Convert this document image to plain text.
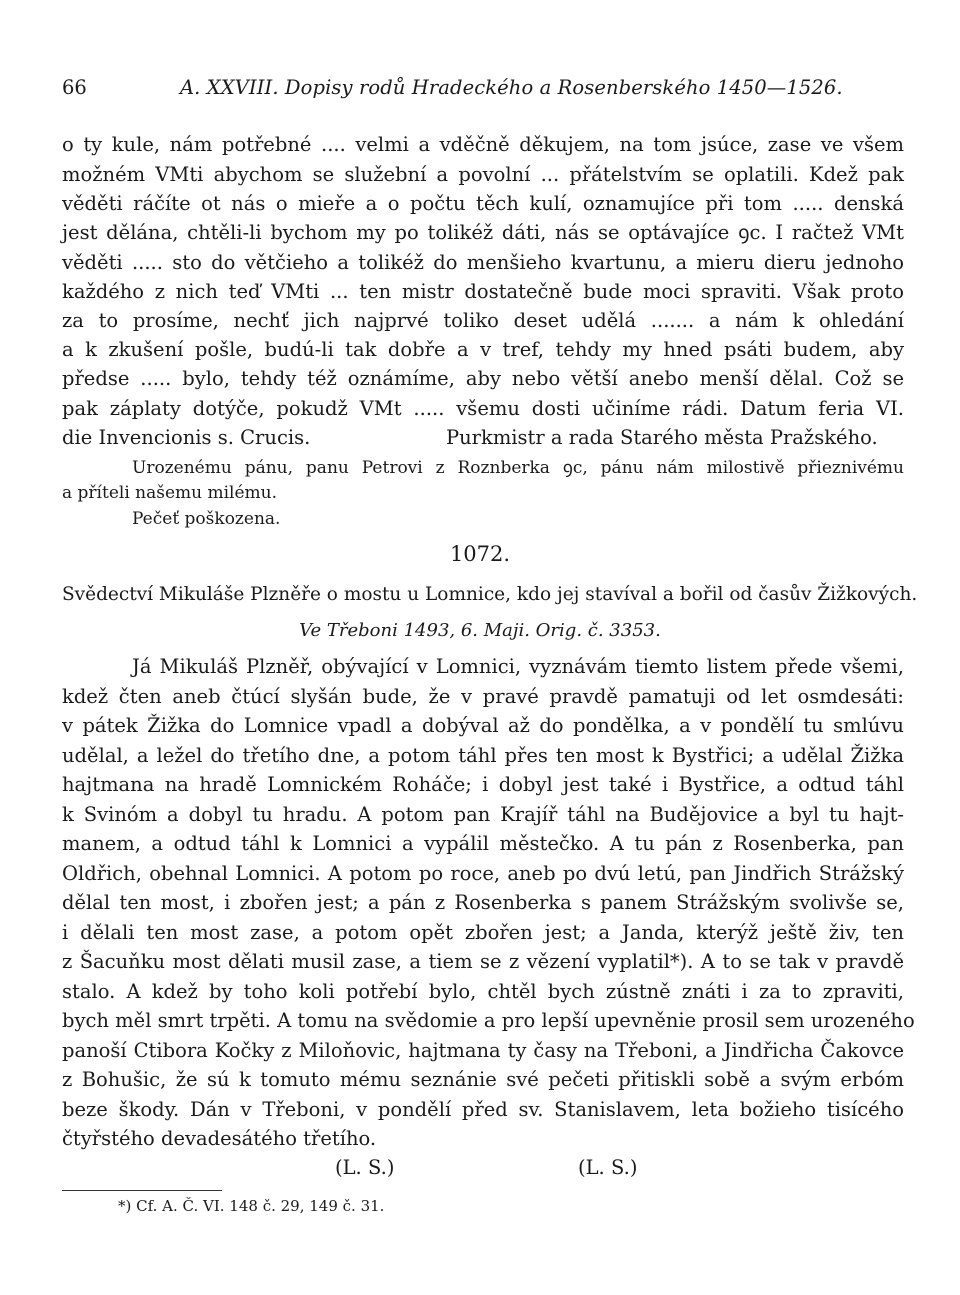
66	A. XXVIII. Dopisy rodů Hradeckého a Rosenberského 1450—1526.
o ty kule, nám potřebné .... velmi a vděčně děkujem, na tom jsúce, zase ve všem
možném VMti abychom se služební a povolní ... přátelstvím se oplatili. Kdež pak
věděti ráčíte ot nás o mieře a o počtu těch kulí, oznamujíce při tom ..... denská
jest dělána, chtěli-li bychom my po tolikéž dáti, nás se optávajíce ꝯc. I račtež VMt
věděti ..... sto do větčieho a tolikéž do menšieho kvartunu, a mieru dieru jednoho
každého z nich teď VMti ... ten mistr dostatečně bude moci spraviti. Však proto
za to prosíme, nechť jich najprvé toliko deset udělá ....... a nám k ohledání
a k zkušení pošle, budú-li tak dobře a v tref, tehdy my hned psáti budem, aby
předse ..... bylo, tehdy též oznámíme, aby nebo větší anebo menší dělal. Což se
pak záplaty dotýče, pokudž VMt ..... všemu dosti učiníme rádi. Datum feria VI.
die Invencionis s. Crucis.	Purkmistr a rada Starého města Pražského.
Urozenému pánu, panu Petrovi z Roznberka ꝯc, pánu nám milostivě přieznivému
a příteli našemu milému.
Pečeť poškozena.
1072.
Svědectví Mikuláše Plzněře o mostu u Lomnice, kdo jej stavíval a bořil od časův Žižkových.
Ve Třeboni 1493, 6. Maji. Orig. č. 3353.
Já Mikuláš Plzněř, obývající v Lomnici, vyznávám tiemto listem přede všemi,
kdež čten aneb čtúcí slyšán bude, že v pravé pravdě pamatuji od let osmdesáti:
v pátek Žižka do Lomnice vpadl a dobýval až do pondělka, a v pondělí tu smlúvu
udělal, a ležel do třetího dne, a potom táhl přes ten most k Bystřici; a udělal Žižka
hajtmana na hradě Lomnickém Roháče; i dobyl jest také i Bystřice, a odtud táhl
k Svinóm a dobyl tu hradu. A potom pan Krajíř táhl na Budějovice a byl tu hajt-
manem, a odtud táhl k Lomnici a vypálil městečko. A tu pán z Rosenberka, pan
Oldřich, obehnal Lomnici. A potom po roce, aneb po dvú letú, pan Jindřich Strážský
dělal ten most, i zbořen jest; a pán z Rosenberka s panem Strážským svolivše se,
i dělali ten most zase, a potom opět zbořen jest; a Janda, kterýž ještě živ, ten
z Šacuňku most dělati musil zase, a tiem se z vězení vyplatil*). A to se tak v pravdě
stalo. A kdež by toho koli potřebí bylo, chtěl bych zústně znáti i za to zpraviti,
bych měl smrt trpěti. A tomu na svědomie a pro lepší upevněnie prosil sem urozeného
panoší Ctibora Kočky z Miloňovic, hajtmana ty časy na Třeboni, a Jindřicha Čakovce
z Bohušic, že sú k tomuto mému seznánie své pečeti přitiskli sobě a svým erbóm
beze škody. Dán v Třeboni, v pondělí před sv. Stanislavem, leta božieho tisícého
čtyřstého devadesátého třetího.
(L. S.)	(L. S.)
*) Cf. A. Č. VI. 148 č. 29, 149 č. 31.
